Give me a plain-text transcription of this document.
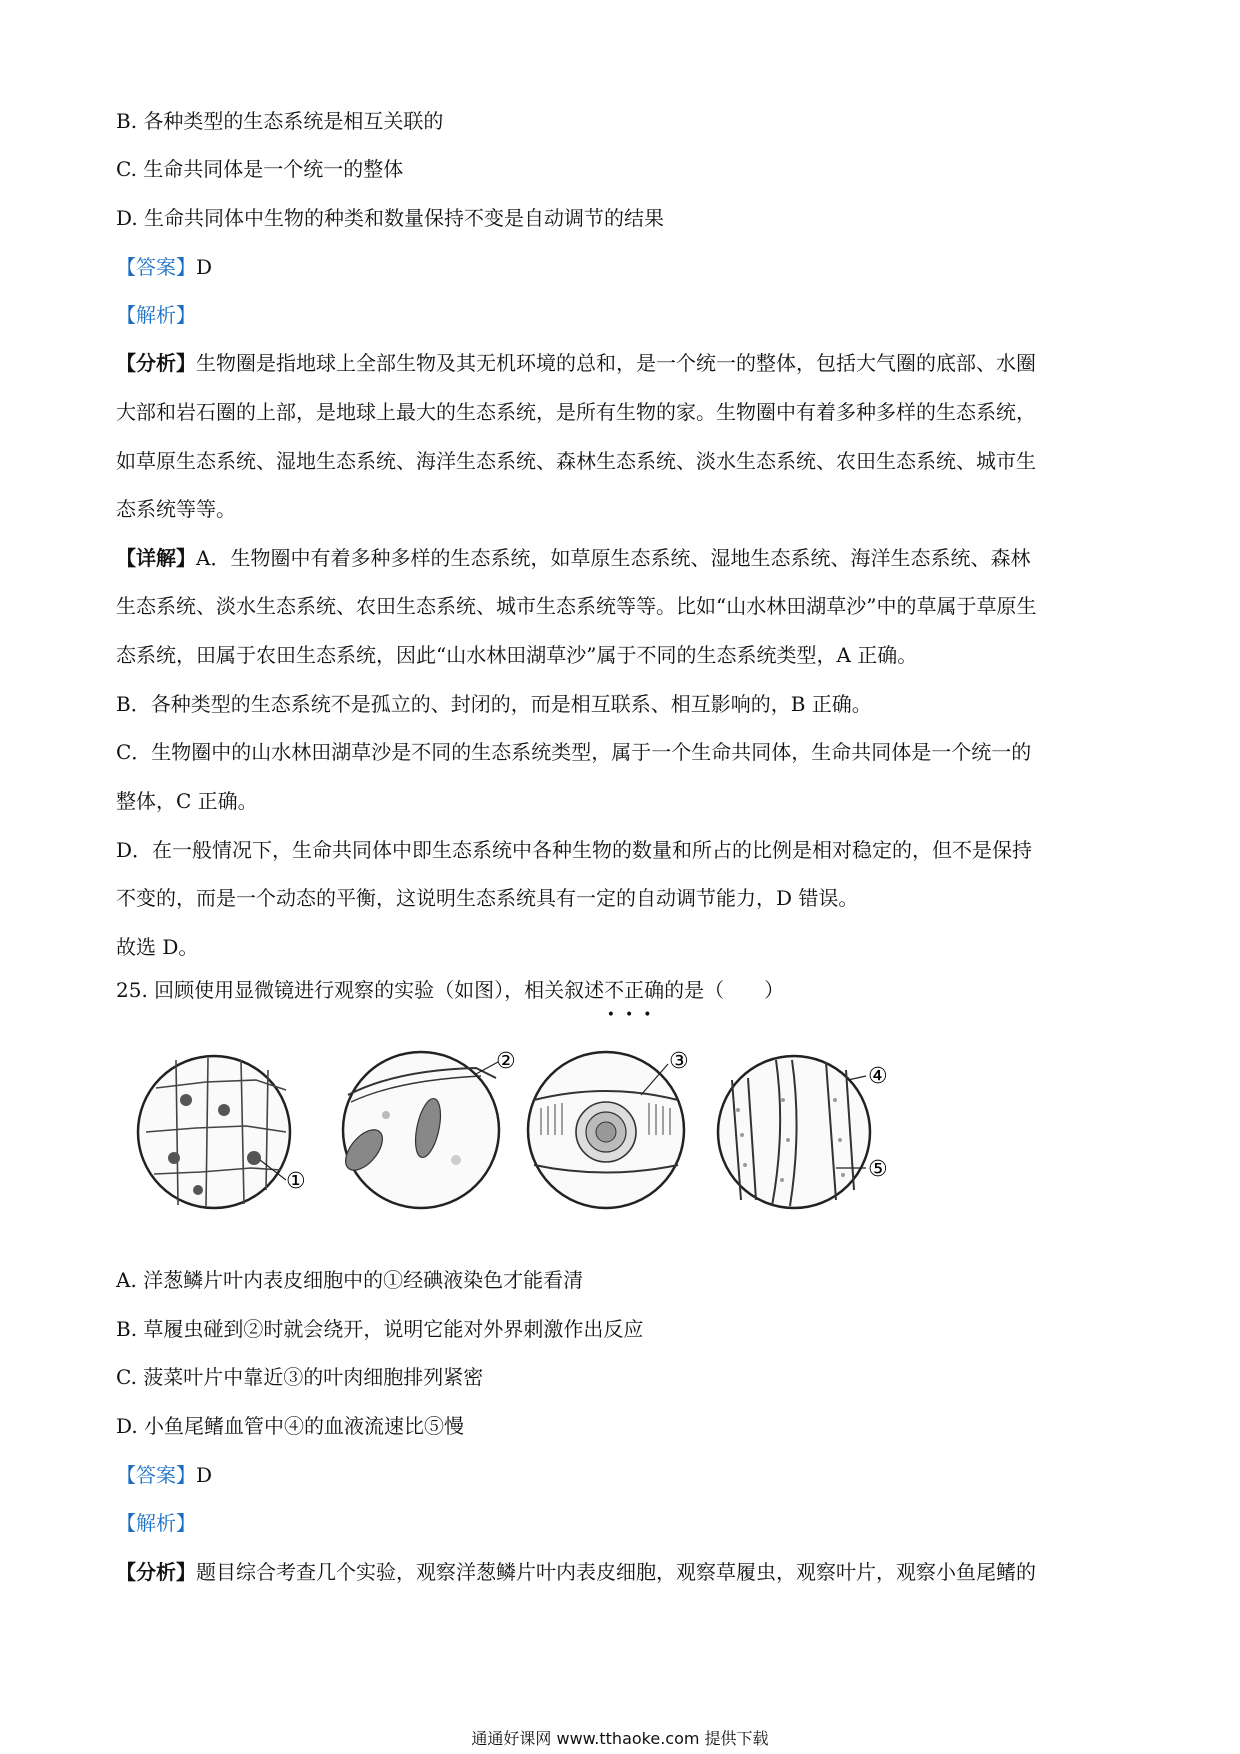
B. 各种类型的生态系统是相互关联的
C. 生命共同体是一个统一的整体
D. 生命共同体中生物的种类和数量保持不变是自动调节的结果
【答案】D
【解析】
【分析】生物圈是指地球上全部生物及其无机环境的总和，是一个统一的整体，包括大气圈的底部、水圈
大部和岩石圈的上部，是地球上最大的生态系统，是所有生物的家。生物圈中有着多种多样的生态系统，
如草原生态系统、湿地生态系统、海洋生态系统、森林生态系统、淡水生态系统、农田生态系统、城市生
态系统等等。
【详解】A．生物圈中有着多种多样的生态系统，如草原生态系统、湿地生态系统、海洋生态系统、森林
生态系统、淡水生态系统、农田生态系统、城市生态系统等等。比如“山水林田湖草沙”中的草属于草原生
态系统，田属于农田生态系统，因此“山水林田湖草沙”属于不同的生态系统类型，A 正确。
B．各种类型的生态系统不是孤立的、封闭的，而是相互联系、相互影响的，B 正确。
C．生物圈中的山水林田湖草沙是不同的生态系统类型，属于一个生命共同体，生命共同体是一个统一的
整体，C 正确。
D．在一般情况下，生命共同体中即生态系统中各种生物的数量和所占的比例是相对稳定的，但不是保持
不变的，而是一个动态的平衡，这说明生态系统具有一定的自动调节能力，D 错误。
故选 D。
25. 回顾使用显微镜进行观察的实验（如图），相关叙述不正确
•••
的是（　　）
①
②	③
④
⑤
A. 洋葱鳞片叶内表皮细胞中的①经碘液染色才能看清
B. 草履虫碰到②时就会绕开，说明它能对外界刺激作出反应
C. 菠菜叶片中靠近③的叶肉细胞排列紧密
D. 小鱼尾鳍血管中④的血液流速比⑤慢
【答案】D
【解析】
【分析】题目综合考查几个实验，观察洋葱鳞片叶内表皮细胞，观察草履虫，观察叶片，观察小鱼尾鳍的
通通好课网 www.tthaoke.com 提供下载
